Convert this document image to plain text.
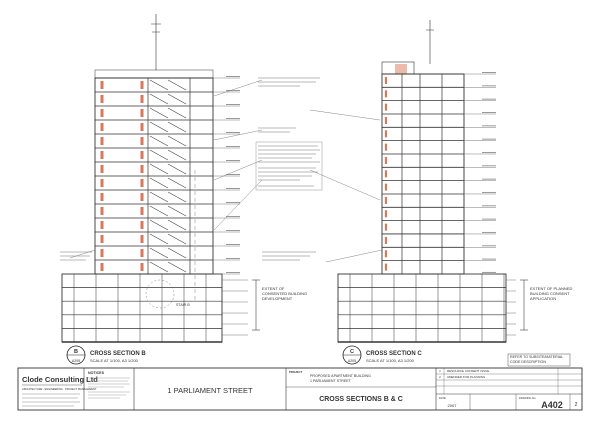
EXTENT OF CONSENTED BUILDING DEVELOPMENT
EXTENT OF PLANNED BUILDING CONSENT APPLICATION
STAIR B
B
A205
CROSS SECTION B
SCALE AT 1/100, A3 1/200
C
A205
CROSS SECTION C
SCALE AT 1/100, A3 1/200
REFER TO SUBSITE/MATERIAL CODE DESCRIPTION
Clode Consulting Ltd
ARCHITECTURE · ENGINEERING · PROJECT MANAGEMENT
NOTICES
1 PARLIAMENT STREET
PROJECT
PROPOSED APARTMENT BUILDING
1 PARLIAMENT STREET
CROSS SECTIONS B & C
1 RESOURCE CONSENT ISSUE
2 AMENDED FOR PLANNING
DATE
2007
DRAWING No.
A402 2
